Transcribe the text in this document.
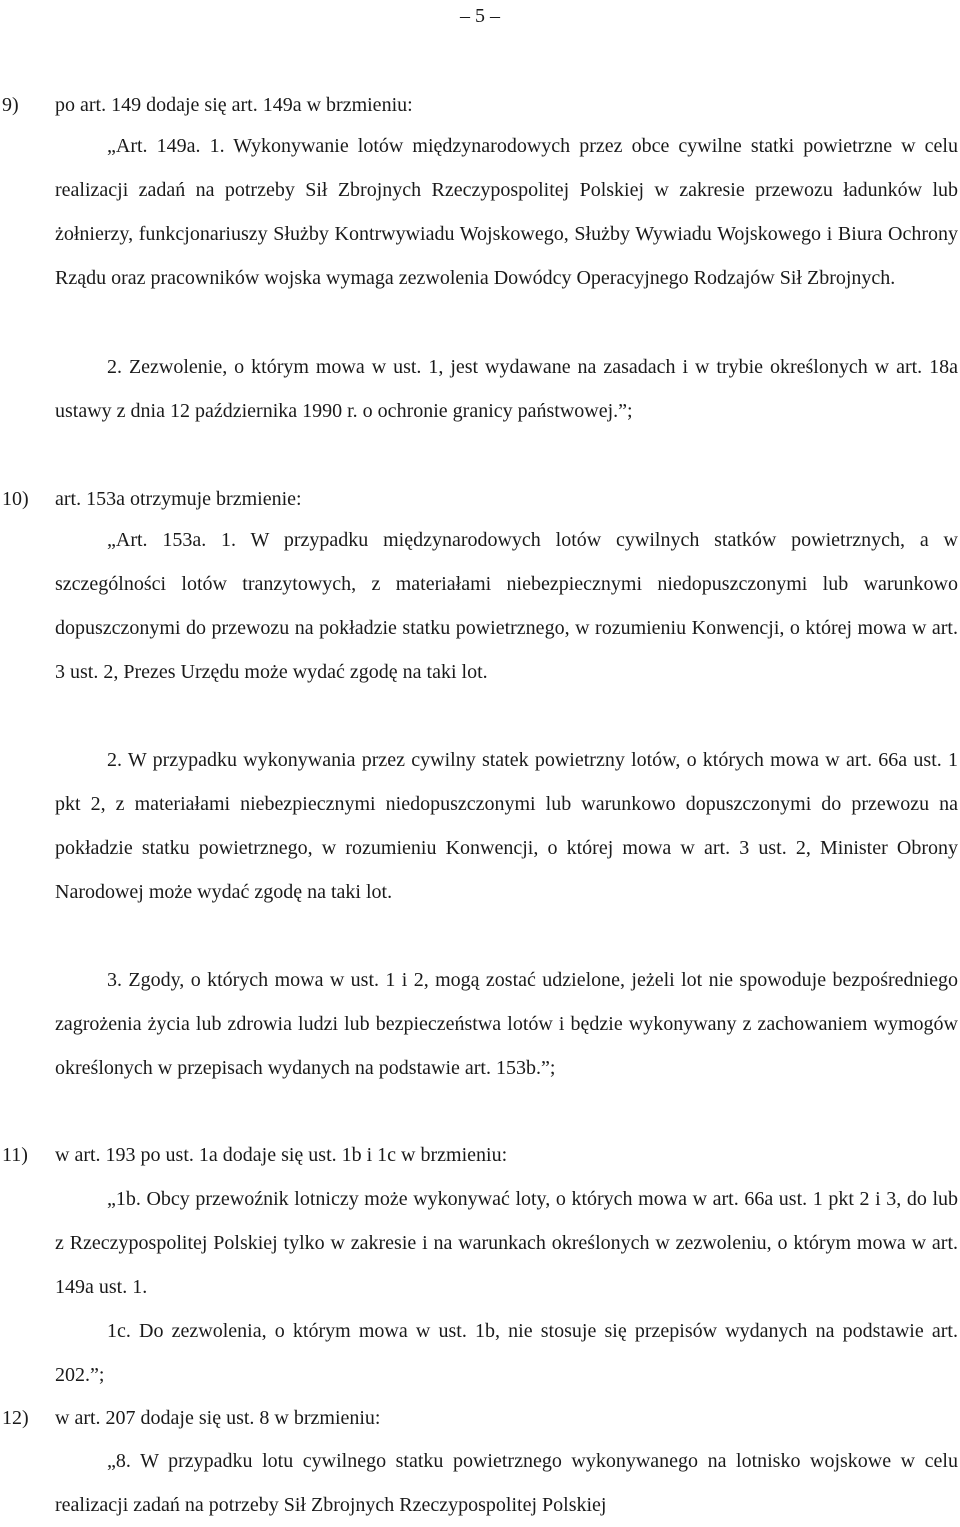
– 5 –
9) po art. 149 dodaje się art. 149a w brzmieniu:

„Art. 149a. 1. Wykonywanie lotów międzynarodowych przez obce cywilne statki powietrzne w celu realizacji zadań na potrzeby Sił Zbrojnych Rzeczypospolitej Polskiej w zakresie przewozu ładunków lub żołnierzy, funkcjonariuszy Służby Kontrwywiadu Wojskowego, Służby Wywiadu Wojskowego i Biura Ochrony Rządu oraz pracowników wojska wymaga zezwolenia Dowódcy Operacyjnego Rodzajów Sił Zbrojnych.

2. Zezwolenie, o którym mowa w ust. 1, jest wydawane na zasadach i w trybie określonych w art. 18a ustawy z dnia 12 października 1990 r. o ochronie granicy państwowej.”;

10) art. 153a otrzymuje brzmienie:

„Art. 153a. 1. W przypadku międzynarodowych lotów cywilnych statków powietrznych, a w szczególności lotów tranzytowych, z materiałami niebezpiecznymi niedopuszczonymi lub warunkowo dopuszczonymi do przewozu na pokładzie statku powietrznego, w rozumieniu Konwencji, o której mowa w art. 3 ust. 2, Prezes Urzędu może wydać zgodę na taki lot.

2. W przypadku wykonywania przez cywilny statek powietrzny lotów, o których mowa w art. 66a ust. 1 pkt 2, z materiałami niebezpiecznymi niedopuszczonymi lub warunkowo dopuszczonymi do przewozu na pokładzie statku powietrznego, w rozumieniu Konwencji, o której mowa w art. 3 ust. 2, Minister Obrony Narodowej może wydać zgodę na taki lot.

3. Zgody, o których mowa w ust. 1 i 2, mogą zostać udzielone, jeżeli lot nie spowoduje bezpośredniego zagrożenia życia lub zdrowia ludzi lub bezpieczeństwa lotów i będzie wykonywany z zachowaniem wymogów określonych w przepisach wydanych na podstawie art. 153b.”;

11) w art. 193 po ust. 1a dodaje się ust. 1b i 1c w brzmieniu:

„1b. Obcy przewoźnik lotniczy może wykonywać loty, o których mowa w art. 66a ust. 1 pkt 2 i 3, do lub z Rzeczypospolitej Polskiej tylko w zakresie i na warunkach określonych w zezwoleniu, o którym mowa w art. 149a ust. 1.

1c. Do zezwolenia, o którym mowa w ust. 1b, nie stosuje się przepisów wydanych na podstawie art. 202.”;

12) w art. 207 dodaje się ust. 8 w brzmieniu:

„8. W przypadku lotu cywilnego statku powietrznego wykonywanego na lotnisko wojskowe w celu realizacji zadań na potrzeby Sił Zbrojnych Rzeczypospolitej Polskiej
